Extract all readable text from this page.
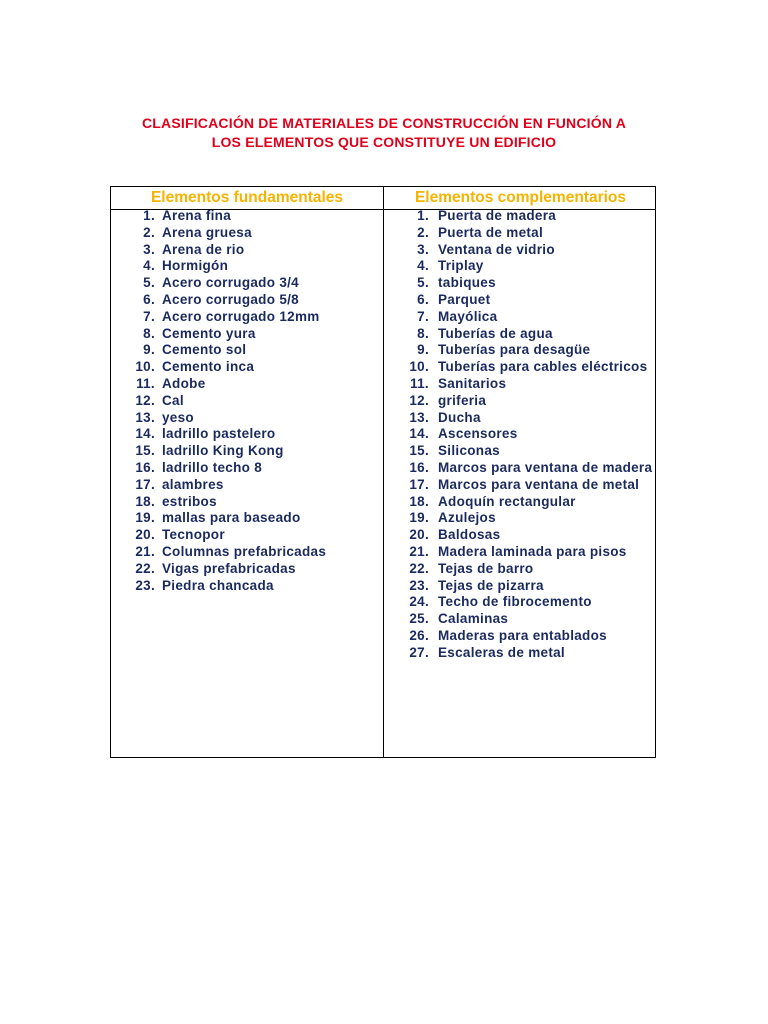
CLASIFICACIÓN DE MATERIALES DE CONSTRUCCIÓN EN FUNCIÓN A
LOS ELEMENTOS QUE CONSTITUYE UN EDIFICIO
Elementos fundamentales	Elementos complementarios
1. Arena fina
2. Arena gruesa
3. Arena de rio
4. Hormigón
5. Acero corrugado 3/4
6. Acero corrugado 5/8
7. Acero corrugado 12mm
8. Cemento yura
9. Cemento sol
10. Cemento inca
11. Adobe
12. Cal
13. yeso
14. ladrillo pastelero
15. ladrillo King Kong
16. ladrillo techo 8
17. alambres
18. estribos
19. mallas para baseado
20. Tecnopor
21. Columnas prefabricadas
22. Vigas prefabricadas
23. Piedra chancada
1. Puerta de madera
2. Puerta de metal
3. Ventana de vidrio
4. Triplay
5. tabiques
6. Parquet
7. Mayólica
8. Tuberías de agua
9. Tuberías para desagüe
10. Tuberías para cables eléctricos
11. Sanitarios
12. griferia
13. Ducha
14. Ascensores
15. Siliconas
16. Marcos para ventana de madera
17. Marcos para ventana de metal
18. Adoquín rectangular
19. Azulejos
20. Baldosas
21. Madera laminada para pisos
22. Tejas de barro
23. Tejas de pizarra
24. Techo de fibrocemento
25. Calaminas
26. Maderas para entablados
27. Escaleras de metal
